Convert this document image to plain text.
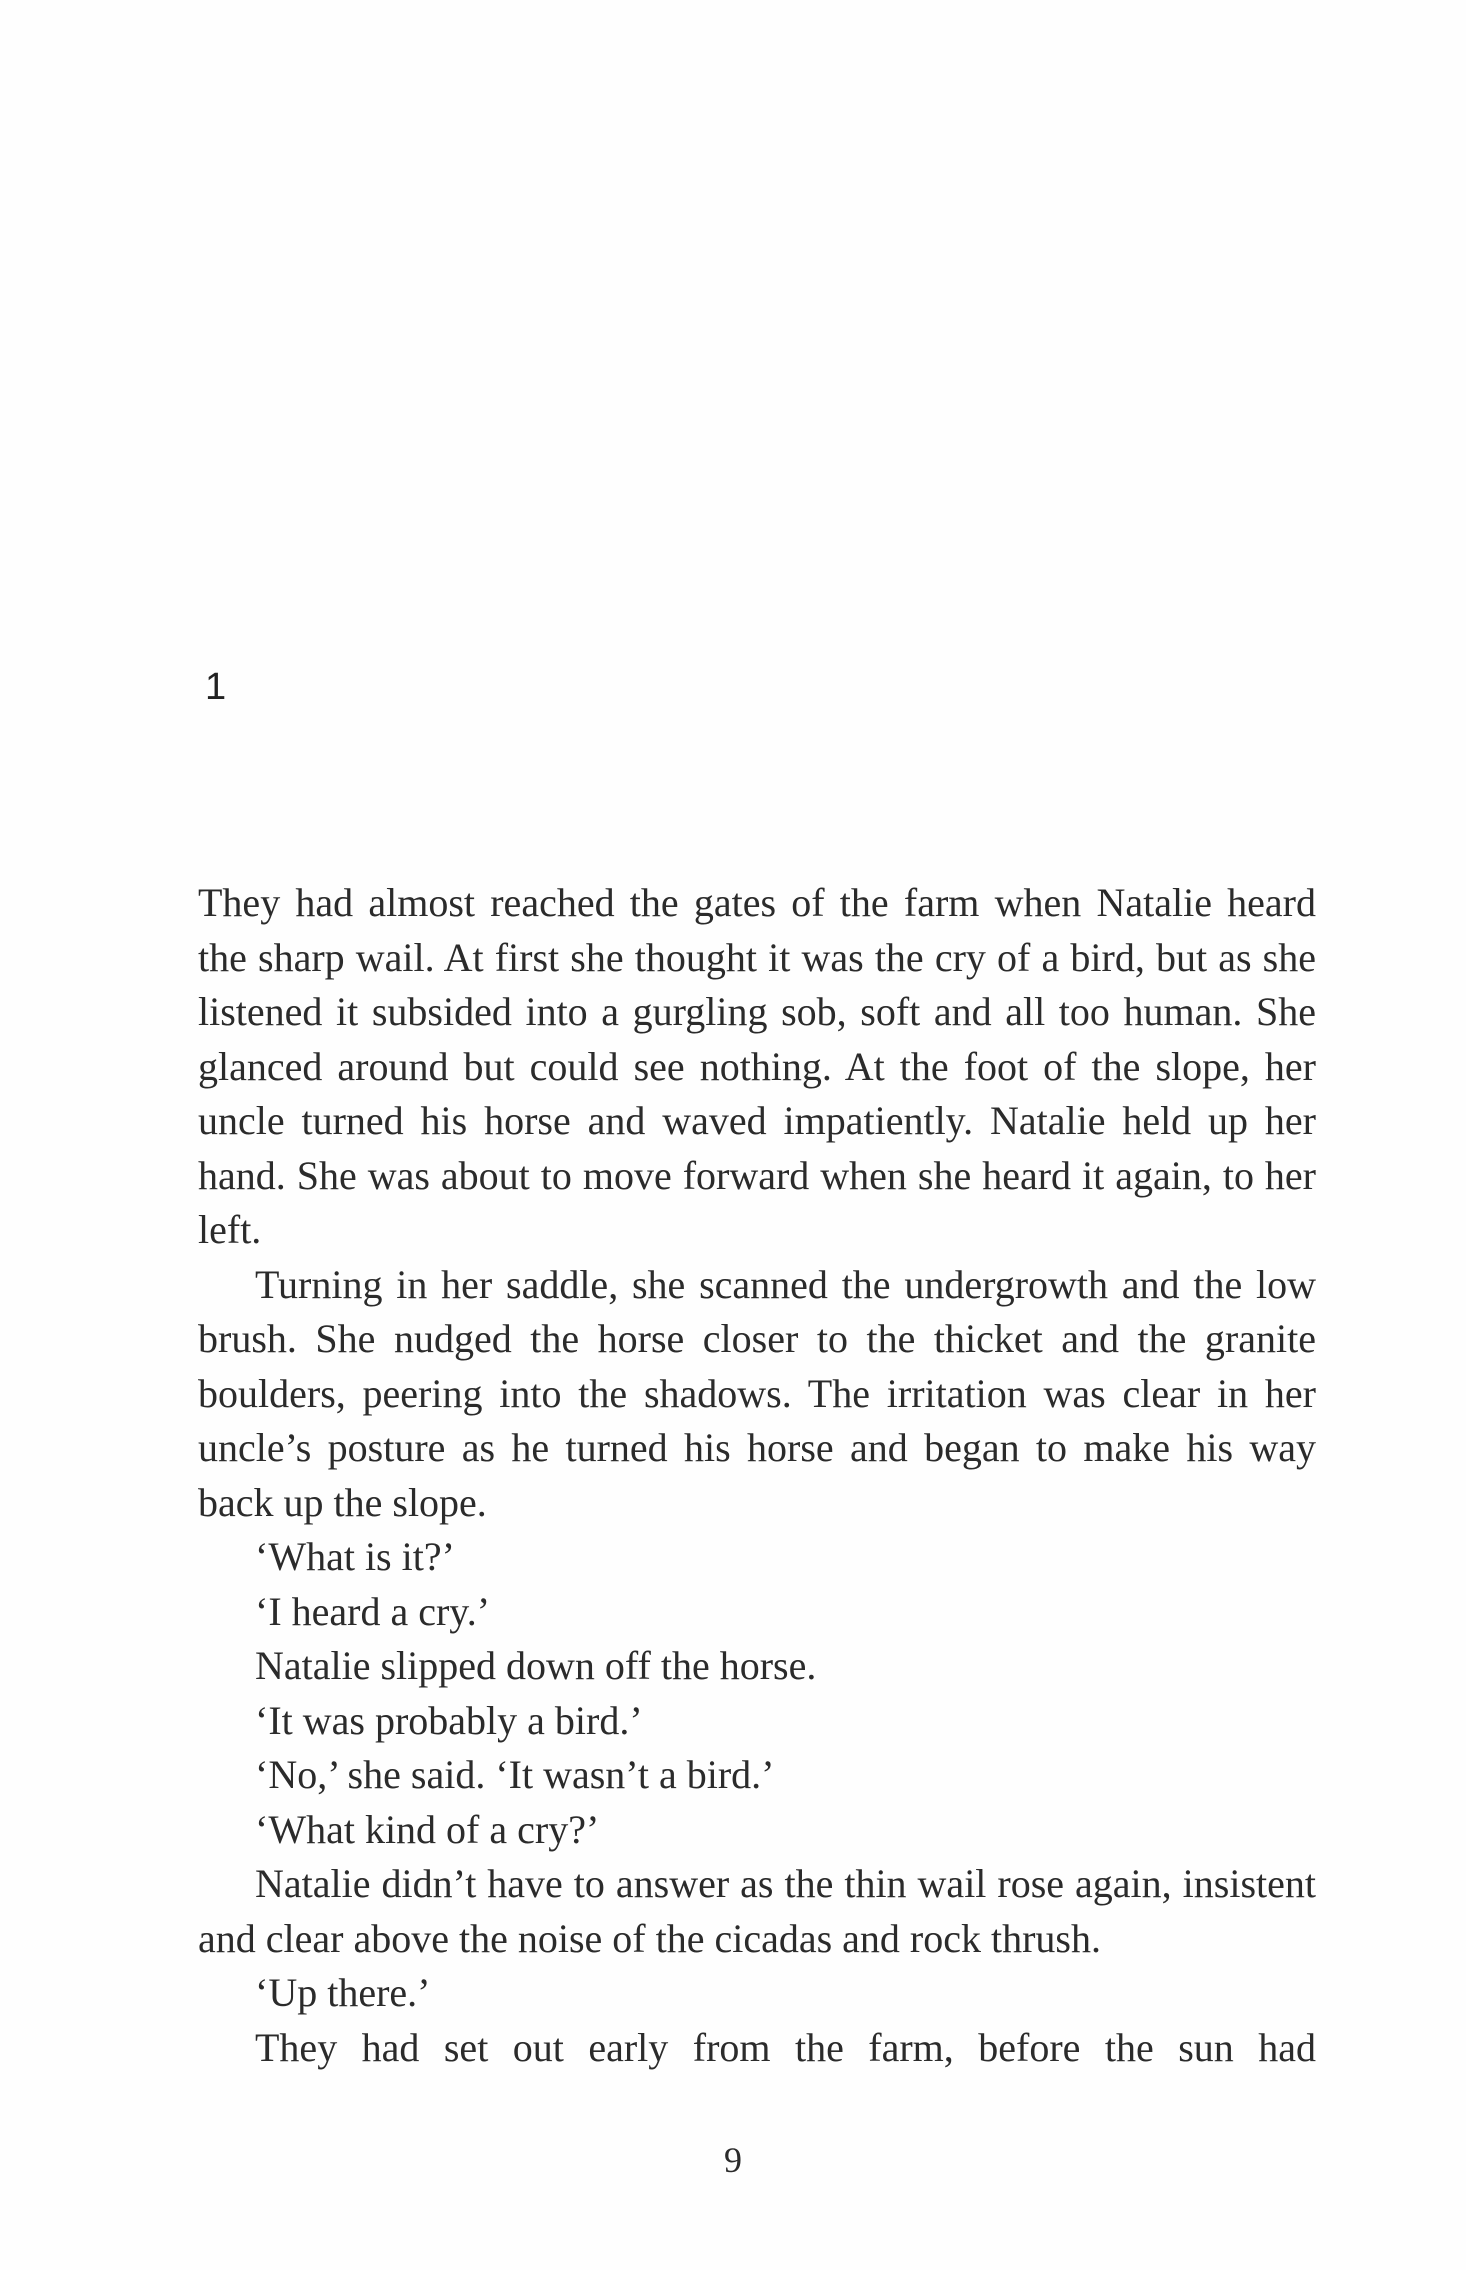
1

They had almost reached the gates of the farm when Natalie heard the sharp wail. At first she thought it was the cry of a bird, but as she listened it subsided into a gurgling sob, soft and all too human. She glanced around but could see nothing. At the foot of the slope, her uncle turned his horse and waved impatiently. Natalie held up her hand. She was about to move forward when she heard it again, to her left.

Turning in her saddle, she scanned the undergrowth and the low brush. She nudged the horse closer to the thicket and the granite boulders, peering into the shadows. The irritation was clear in her uncle’s posture as he turned his horse and began to make his way back up the slope.

‘What is it?’

‘I heard a cry.’

Natalie slipped down off the horse.

‘It was probably a bird.’

‘No,’ she said. ‘It wasn’t a bird.’

‘What kind of a cry?’

Natalie didn’t have to answer as the thin wail rose again, insistent and clear above the noise of the cicadas and rock thrush.

‘Up there.’

They had set out early from the farm, before the sun had

9
